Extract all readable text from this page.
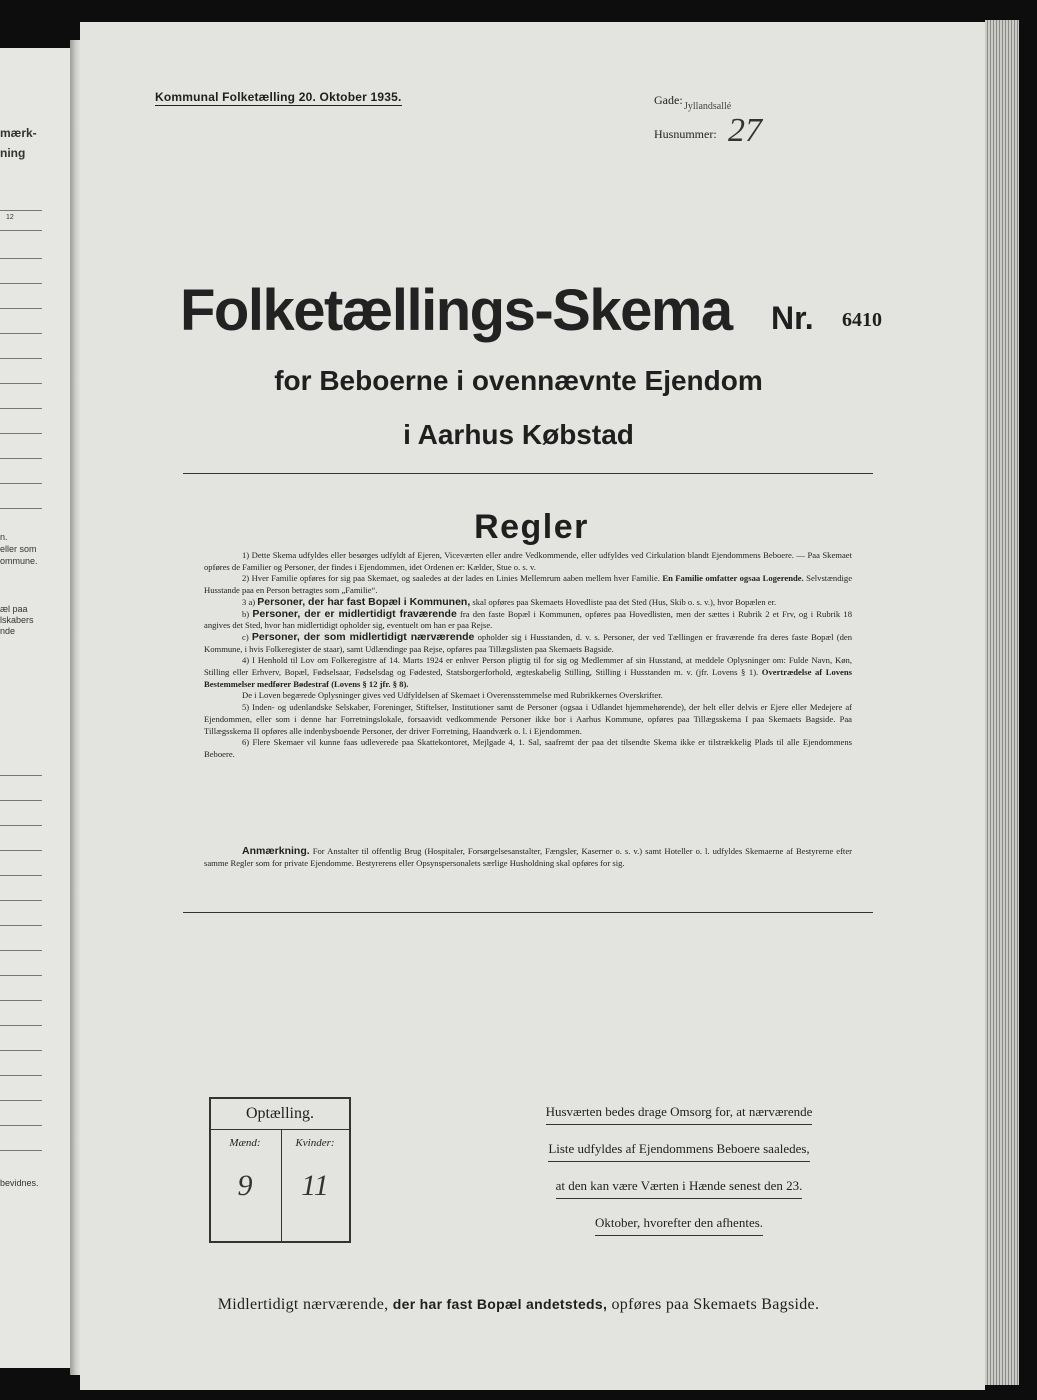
mærk-
ning
12
n.
eller som
ommune.
æl paa
lskabers
nde
bevidnes.
Kommunal Folketælling 20. Oktober 1935.	Gade: Jyllandsallé
Husnummer: 27
Folketællings-Skema Nr. 6410
for Beboerne i ovennævnte Ejendom
i Aarhus Købstad
Regler

1) Dette Skema udfyldes eller besørges udfyldt af Ejeren, Viceværten eller andre Vedkommende, eller udfyldes ved Cirkulation blandt Ejendommens Beboere. — Paa Skemaet opføres de Familier og Personer, der findes i Ejendommen, idet Ordenen er: Kælder, Stue o. s. v.

2) Hver Familie opføres for sig paa Skemaet, og saaledes at der lades en Linies Mellemrum aaben mellem hver Familie. En Familie omfatter ogsaa Logerende. Selvstændige Husstande paa en Person betragtes som „Familie“.

3 a) Personer, der har fast Bopæl i Kommunen, skal opføres paa Skemaets Hovedliste paa det Sted (Hus, Skib o. s. v.), hvor Bopælen er.

b) Personer, der er midlertidigt fraværende fra den faste Bopæl i Kommunen, opføres paa Hovedlisten, men der sættes i Rubrik 2 et Frv, og i Rubrik 18 angives det Sted, hvor han midlertidigt opholder sig, eventuelt om han er paa Rejse.

c) Personer, der som midlertidigt nærværende opholder sig i Husstanden, d. v. s. Personer, der ved Tællingen er fraværende fra deres faste Bopæl (den Kommune, i hvis Folkeregister de staar), samt Udlændinge paa Rejse, opføres paa Tillægslisten paa Skemaets Bagside.

4) I Henhold til Lov om Folkeregistre af 14. Marts 1924 er enhver Person pligtig til for sig og Medlemmer af sin Husstand, at meddele Oplysninger om: Fulde Navn, Køn, Stilling eller Erhverv, Bopæl, Fødselsaar, Fødselsdag og Fødested, Statsborgerforhold, ægteskabelig Stilling, Stilling i Husstanden m. v. (jfr. Lovens § 1). Overtrædelse af Lovens Bestemmelser medfører Bødestraf (Lovens § 12 jfr. § 8).

De i Loven begærede Oplysninger gives ved Udfyldelsen af Skemaet i Overensstemmelse med Rubrikkernes Overskrifter.

5) Inden- og udenlandske Selskaber, Foreninger, Stiftelser, Institutioner samt de Personer (ogsaa i Udlandet hjemmehørende), der helt eller delvis er Ejere eller Medejere af Ejendommen, eller som i denne har Forretningslokale, forsaavidt vedkommende Personer ikke bor i Aarhus Kommune, opføres paa Tillægsskema I paa Skemaets Bagside. Paa Tillægsskema II opføres alle indenbysboende Personer, der driver Forretning, Haandværk o. l. i Ejendommen.

6) Flere Skemaer vil kunne faas udleverede paa Skattekontoret, Mejlgade 4, 1. Sal, saafremt der paa det tilsendte Skema ikke er tilstrækkelig Plads til alle Ejendommens Beboere.

Anmærkning. For Anstalter til offentlig Brug (Hospitaler, Forsørgelsesanstalter, Fængsler, Kaserner o. s. v.) samt Hoteller o. l. udfyldes Skemaerne af Bestyrerne efter samme Regler som for private Ejendomme. Bestyrerens eller Opsynspersonalets særlige Husholdning skal opføres for sig.

Optælling.
Mænd:	Kvinder:
9	11
Husværten bedes drage Omsorg for, at nærværende
Liste udfyldes af Ejendommens Beboere saaledes,
at den kan være Værten i Hænde senest den 23.
Oktober, hvorefter den afhentes.
Midlertidigt nærværende, der har fast Bopæl andetsteds, opføres paa Skemaets Bagside.
